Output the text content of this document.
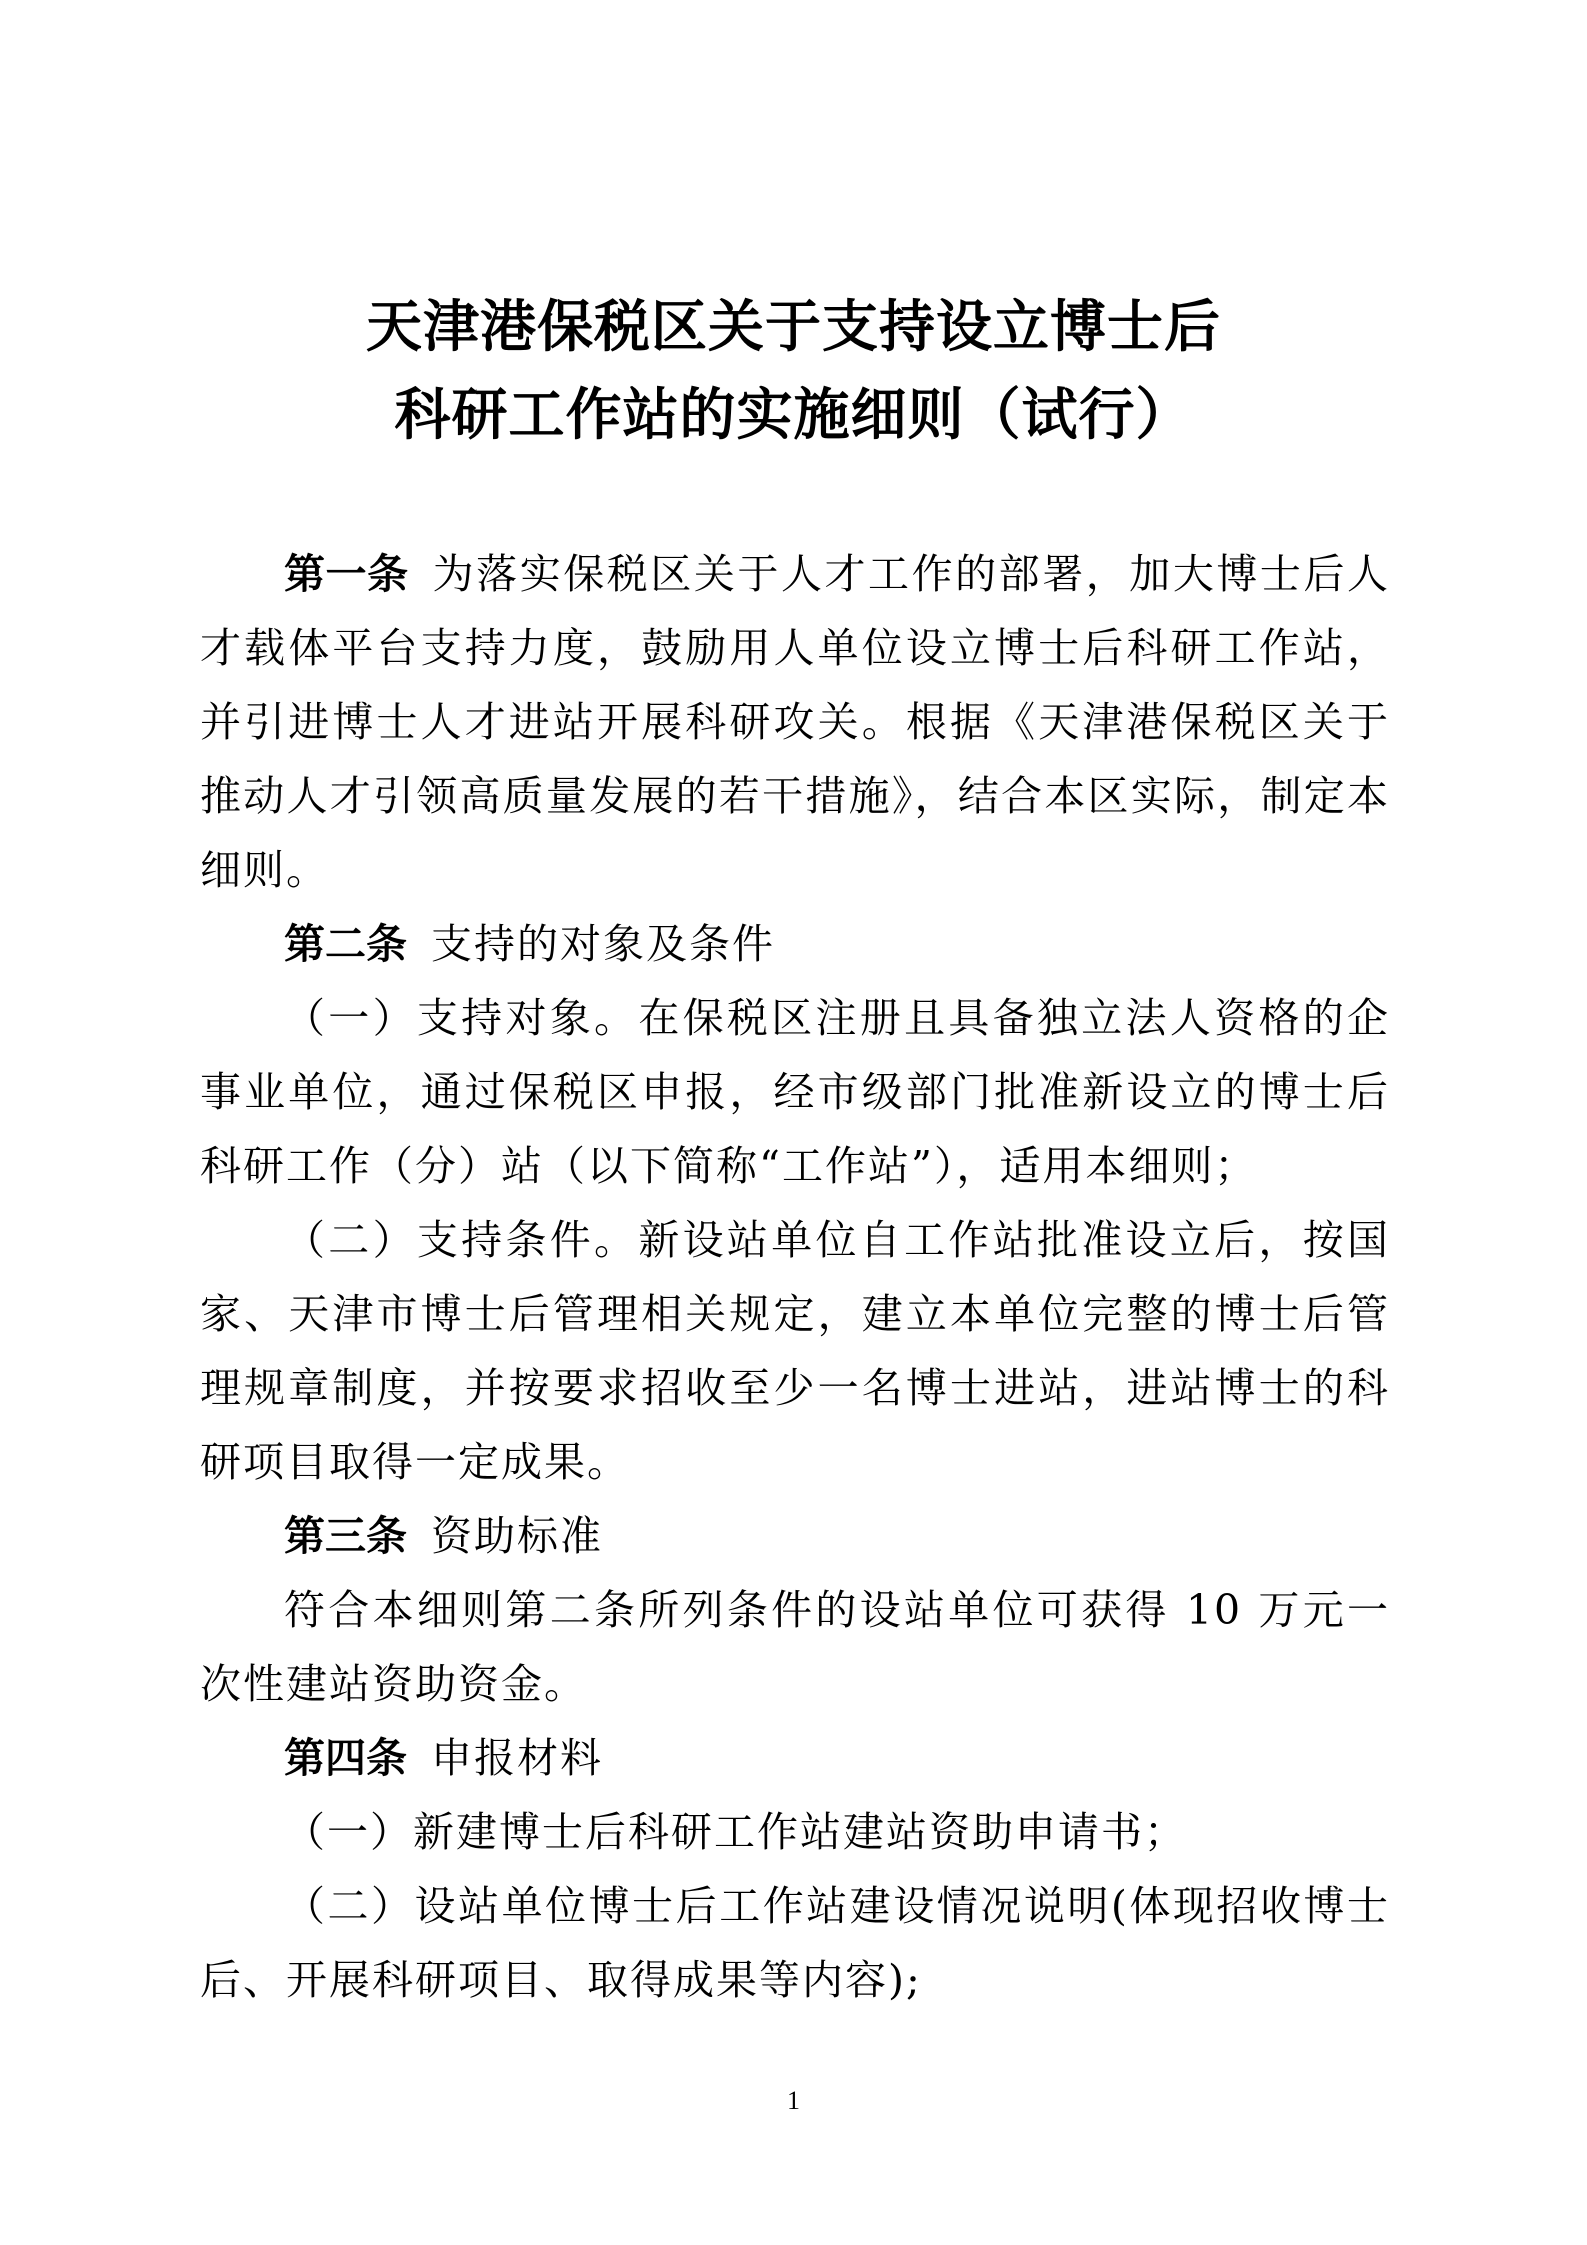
天津港保税区关于支持设立博士后
科研工作站的实施细则（试行）

第一条 为落实保税区关于人才工作的部署，加大博士后人才载体平台支持力度，鼓励用人单位设立博士后科研工作站，并引进博士人才进站开展科研攻关。根据《天津港保税区关于推动人才引领高质量发展的若干措施》，结合本区实际，制定本细则。

第二条 支持的对象及条件

（一）支持对象。在保税区注册且具备独立法人资格的企事业单位，通过保税区申报，经市级部门批准新设立的博士后科研工作（分）站（以下简称“工作站”），适用本细则；

（二）支持条件。新设站单位自工作站批准设立后，按国家、天津市博士后管理相关规定，建立本单位完整的博士后管理规章制度，并按要求招收至少一名博士进站，进站博士的科研项目取得一定成果。

第三条 资助标准

符合本细则第二条所列条件的设站单位可获得 10 万元一次性建站资助资金。

第四条 申报材料

（一）新建博士后科研工作站建站资助申请书；

（二）设站单位博士后工作站建设情况说明(体现招收博士后、开展科研项目、取得成果等内容);

1
